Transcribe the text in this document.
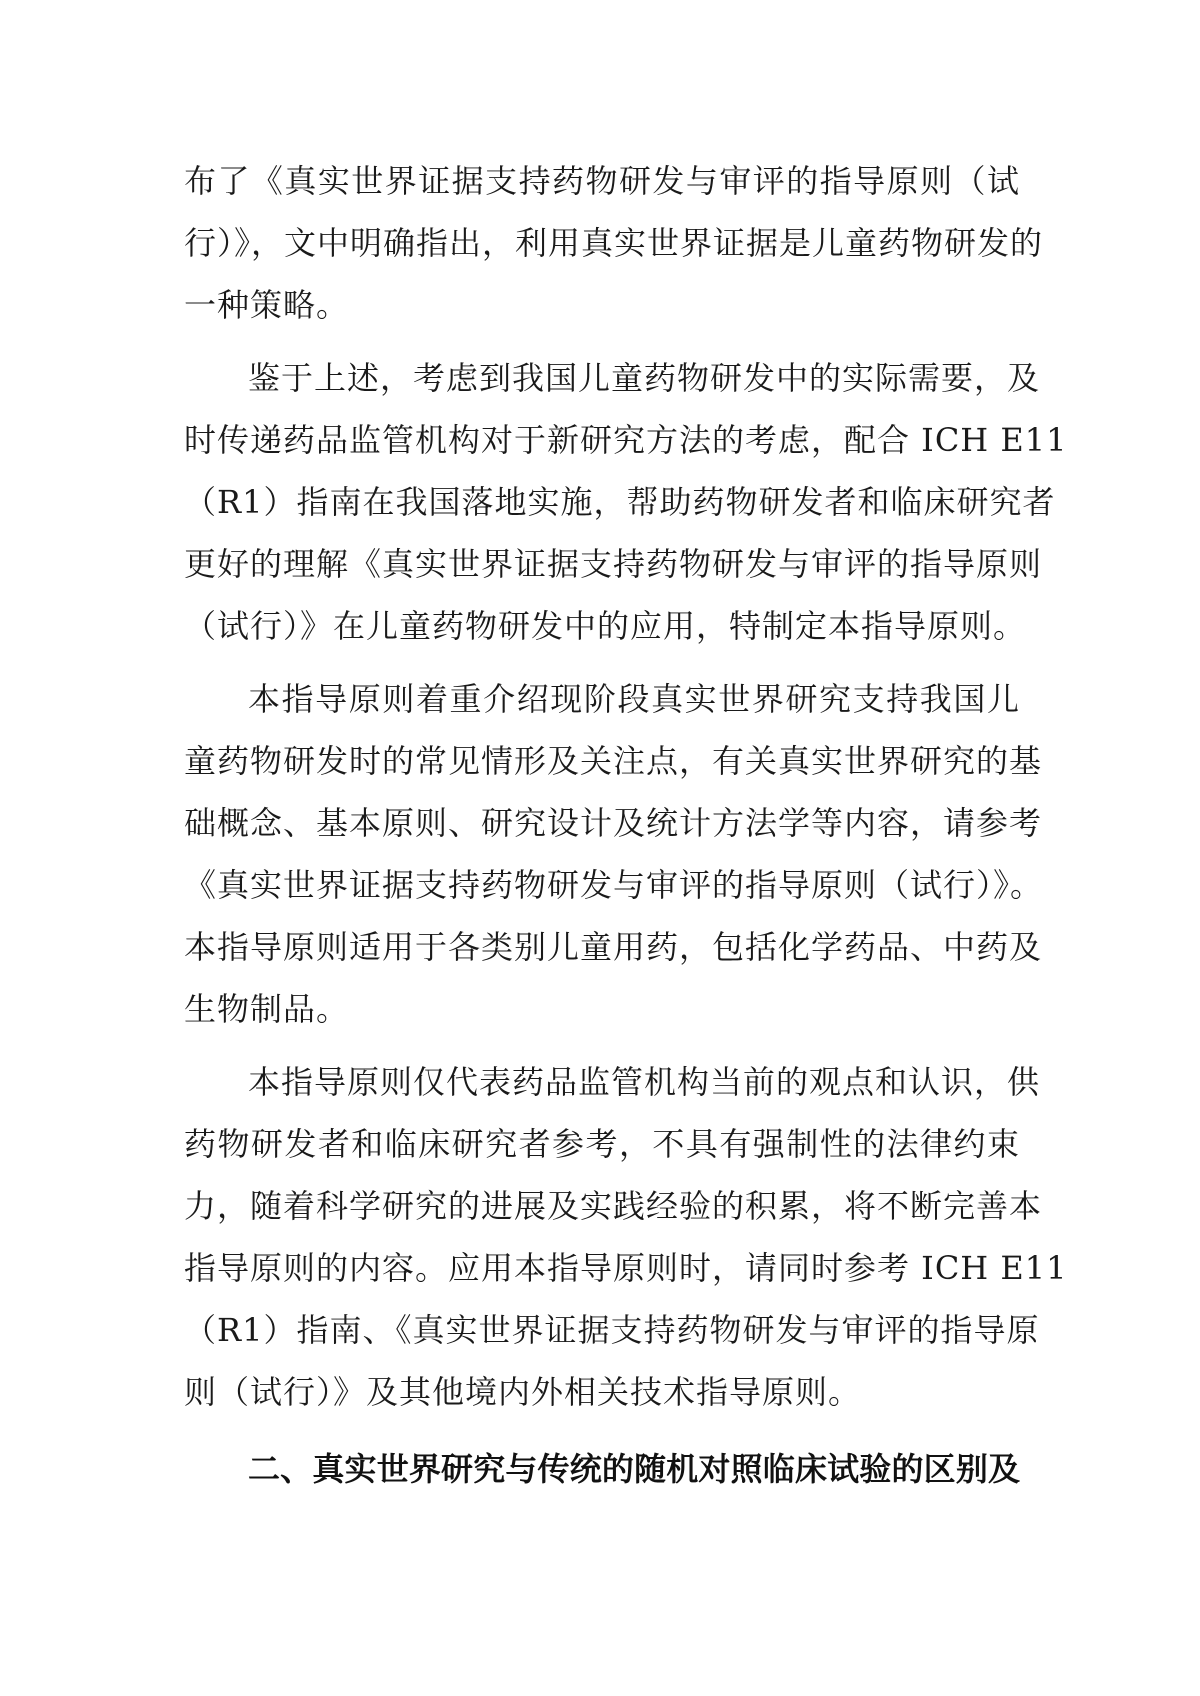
布了《真实世界证据支持药物研发与审评的指导原则（试
行）》，文中明确指出，利用真实世界证据是儿童药物研发的
一种策略。
鉴于上述，考虑到我国儿童药物研发中的实际需要，及
时传递药品监管机构对于新研究方法的考虑，配合 ICH E11
（R1）指南在我国落地实施，帮助药物研发者和临床研究者
更好的理解《真实世界证据支持药物研发与审评的指导原则
（试行）》在儿童药物研发中的应用，特制定本指导原则。
本指导原则着重介绍现阶段真实世界研究支持我国儿
童药物研发时的常见情形及关注点，有关真实世界研究的基
础概念、基本原则、研究设计及统计方法学等内容，请参考
《真实世界证据支持药物研发与审评的指导原则（试行）》。
本指导原则适用于各类别儿童用药，包括化学药品、中药及
生物制品。
本指导原则仅代表药品监管机构当前的观点和认识，供
药物研发者和临床研究者参考，不具有强制性的法律约束
力，随着科学研究的进展及实践经验的积累，将不断完善本
指导原则的内容。应用本指导原则时，请同时参考 ICH E11
（R1）指南、《真实世界证据支持药物研发与审评的指导原
则（试行）》及其他境内外相关技术指导原则。
二、真实世界研究与传统的随机对照临床试验的区别及
